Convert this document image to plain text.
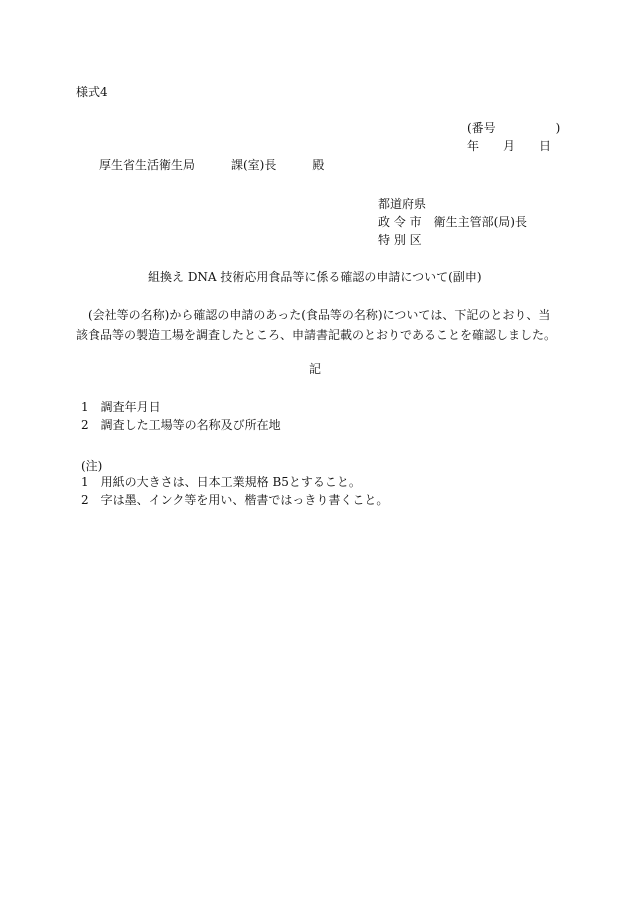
様式4
(番号　　　　　)
年　　月　　日
厚生省生活衛生局　　　課(室)長　　　殿
都道府県
政 令 市　衛生主管部(局)長
特 別 区
組換え DNA 技術応用食品等に係る確認の申請について(副申)
(会社等の名称)から確認の申請のあった(食品等の名称)については、下記のとおり、当該食品等の製造工場を調査したところ、申請書記載のとおりであることを確認しました。
記
1　調査年月日
2　調査した工場等の名称及び所在地
(注)
1　用紙の大きさは、日本工業規格 B5とすること。
2　字は墨、インク等を用い、楷書ではっきり書くこと。
